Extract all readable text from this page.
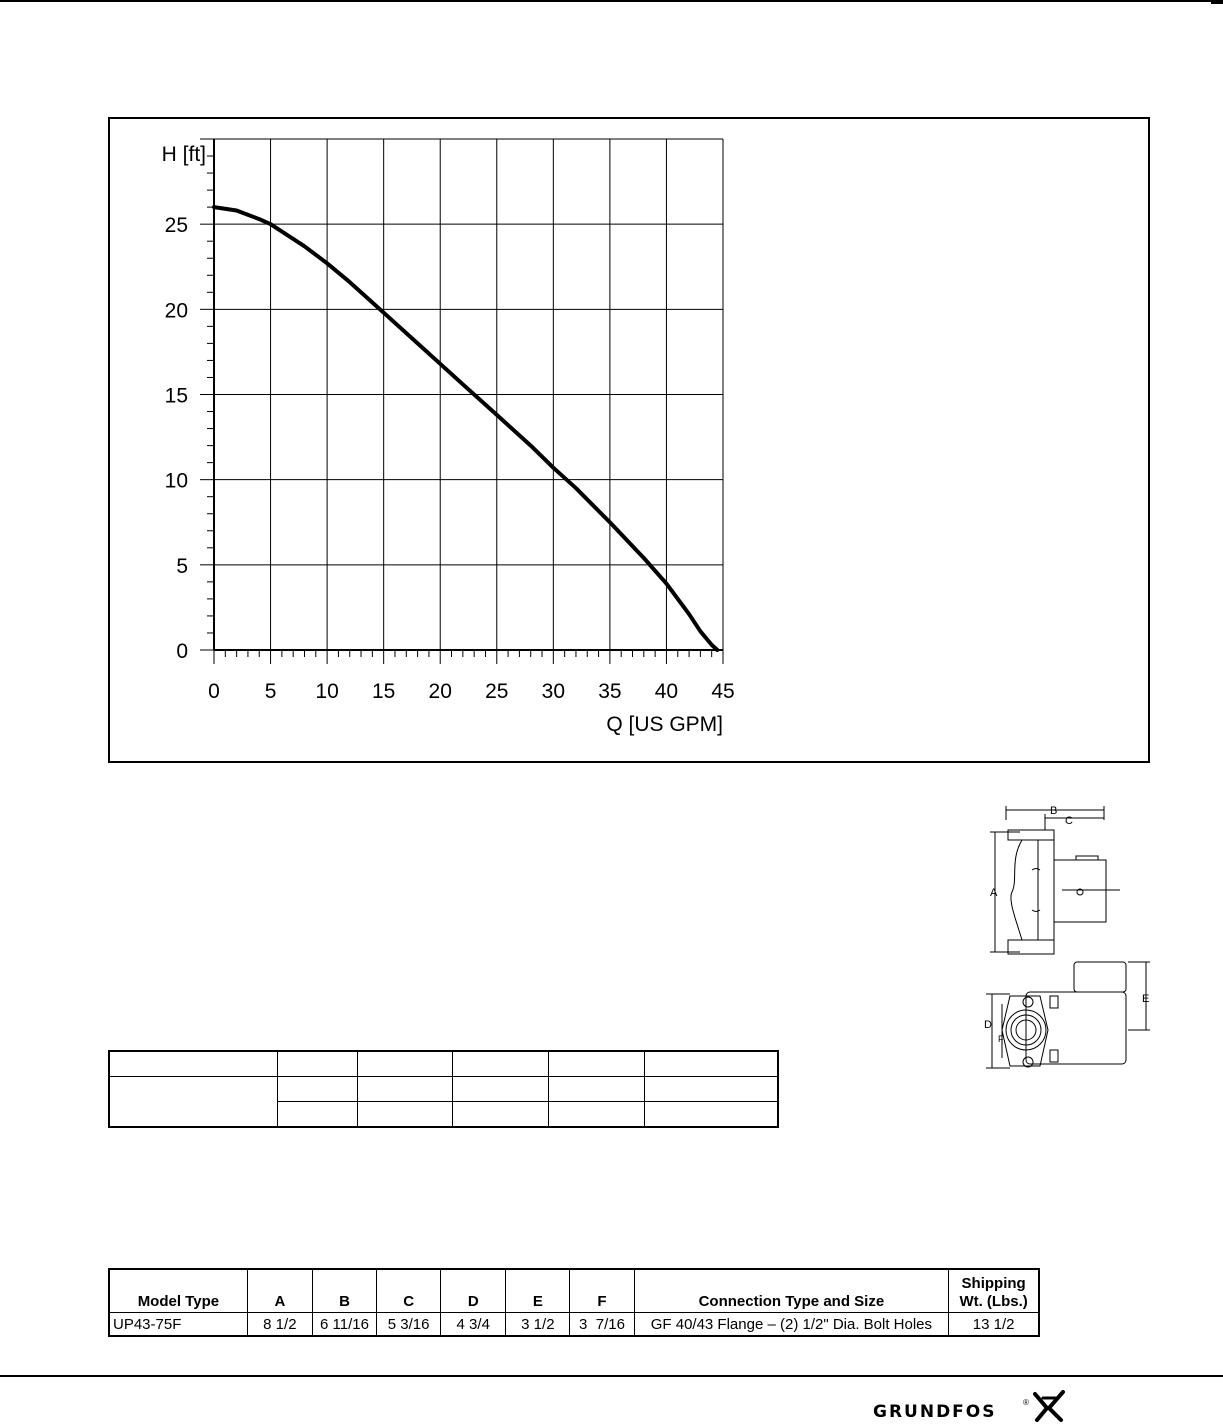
0 5 10 15 20 25 30 35 40 45
0
5
10
15
20
25
H [ft]
Q [US GPM]
A
B
C
E
D
F

Model Type	A	B	C	D	E	F	Connection Type and Size	Shipping Wt. (Lbs.)
UP43-75F	8 1/2	6 11/16	5 3/16	4 3/4	3 1/2	3  7/16	GF 40/43 Flange – (2) 1/2" Dia. Bolt Holes	13 1/2
GRUNDFOS	®
